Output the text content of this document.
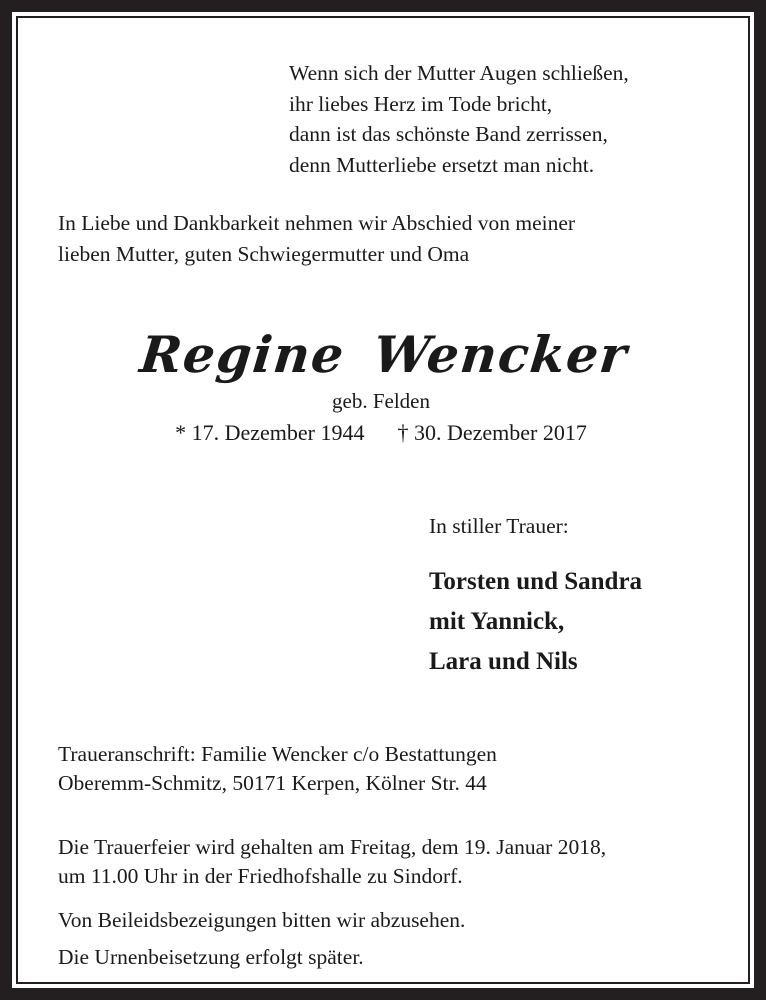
Wenn sich der Mutter Augen schließen,
ihr liebes Herz im Tode bricht,
dann ist das schönste Band zerrissen,
denn Mutterliebe ersetzt man nicht.
In Liebe und Dankbarkeit nehmen wir Abschied von meiner
lieben Mutter, guten Schwiegermutter und Oma
Regine Wencker
geb. Felden
* 17. Dezember 1944 † 30. Dezember 2017
In stiller Trauer:
Torsten und Sandra
mit Yannick,
Lara und Nils
Traueranschrift: Familie Wencker c/o Bestattungen
Oberemm-Schmitz, 50171 Kerpen, Kölner Str. 44
Die Trauerfeier wird gehalten am Freitag, dem 19. Januar 2018,
um 11.00 Uhr in der Friedhofshalle zu Sindorf.
Von Beileidsbezeigungen bitten wir abzusehen.
Die Urnenbeisetzung erfolgt später.
